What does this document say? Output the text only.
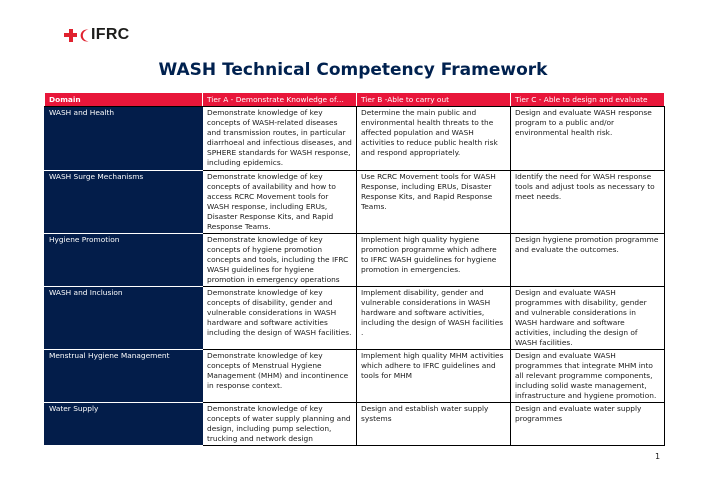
IFRC
WASH Technical Competency Framework
Domain	Tier A - Demonstrate Knowledge of…	Tier B -Able to carry out	Tier C - Able to design and evaluate
WASH and Health	Demonstrate knowledge of key concepts of WASH-related diseases and transmission routes, in particular diarrhoeal and infectious diseases, and SPHERE standards for WASH response, including epidemics.	Determine the main public and environmental health threats to the affected population and WASH activities to reduce public health risk and respond appropriately.	Design and evaluate WASH response program to a public and/or environmental health risk.
WASH Surge Mechanisms	Demonstrate knowledge of key concepts of availability and how to access RCRC Movement tools for WASH response, including ERUs, Disaster Response Kits, and Rapid Response Teams.	Use RCRC Movement tools for WASH Response, including ERUs, Disaster Response Kits, and Rapid Response Teams.	Identify the need for WASH response tools and adjust tools as necessary to meet needs.
Hygiene Promotion	Demonstrate knowledge of key concepts of hygiene promotion concepts and tools, including the IFRC WASH guidelines for hygiene promotion in emergency operations	Implement high quality hygiene promotion programme which adhere to IFRC WASH guidelines for hygiene promotion in emergencies.	Design hygiene promotion programme and evaluate the outcomes.
WASH and Inclusion	Demonstrate knowledge of key concepts of disability, gender and vulnerable considerations in WASH hardware and software activities including the design of WASH facilities.	Implement disability, gender and vulnerable considerations in WASH hardware and software activities, including the design of WASH facilities .	Design and evaluate WASH programmes with disability, gender and vulnerable considerations in WASH hardware and software activities, including the design of WASH facilities.
Menstrual Hygiene Management	Demonstrate knowledge of key concepts of Menstrual Hygiene Management (MHM) and incontinence in response context.	Implement high quality MHM activities which adhere to IFRC guidelines and tools for MHM	Design and evaluate WASH programmes that integrate MHM into all relevant programme components, including solid waste management, infrastructure and hygiene promotion.
Water Supply	Demonstrate knowledge of key concepts of water supply planning and design, including pump selection, trucking and network design	Design and establish water supply systems	Design and evaluate water supply programmes
1
